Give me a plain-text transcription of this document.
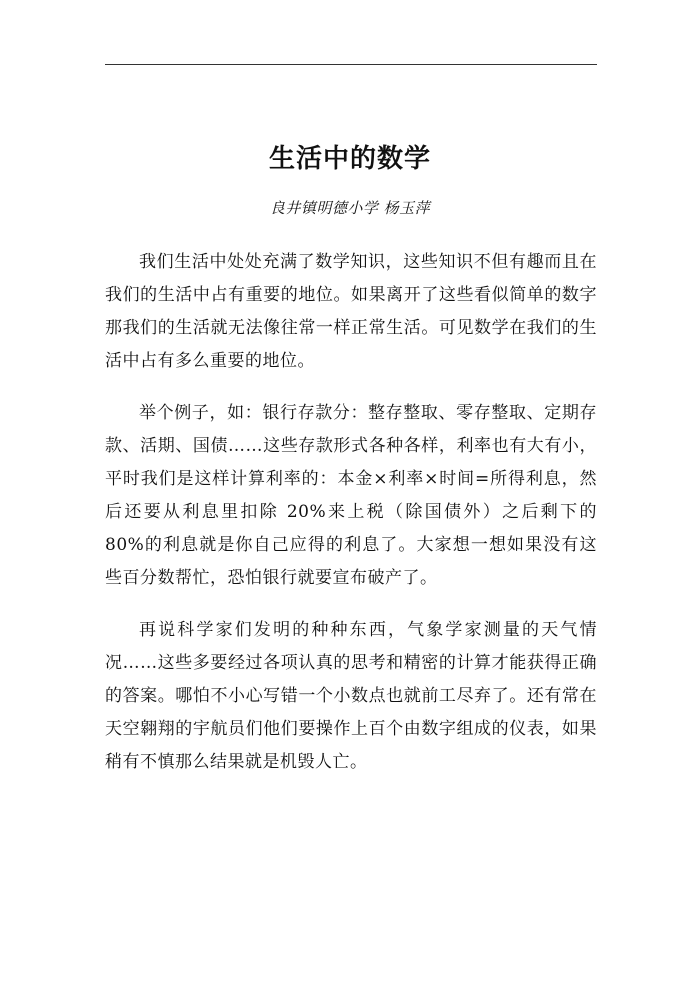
生活中的数学
良井镇明德小学 杨玉萍

我们生活中处处充满了数学知识，这些知识不但有趣而且在我们的生活中占有重要的地位。如果离开了这些看似简单的数字那我们的生活就无法像往常一样正常生活。可见数学在我们的生活中占有多么重要的地位。

举个例子，如：银行存款分：整存整取、零存整取、定期存款、活期、国债……这些存款形式各种各样，利率也有大有小，平时我们是这样计算利率的：本金×利率×时间=所得利息，然后还要从利息里扣除 20%来上税（除国债外）之后剩下的 80%的利息就是你自己应得的利息了。大家想一想如果没有这些百分数帮忙，恐怕银行就要宣布破产了。

再说科学家们发明的种种东西，气象学家测量的天气情况……这些多要经过各项认真的思考和精密的计算才能获得正确的答案。哪怕不小心写错一个小数点也就前工尽弃了。还有常在天空翱翔的宇航员们他们要操作上百个由数字组成的仪表，如果稍有不慎那么结果就是机毁人亡。
